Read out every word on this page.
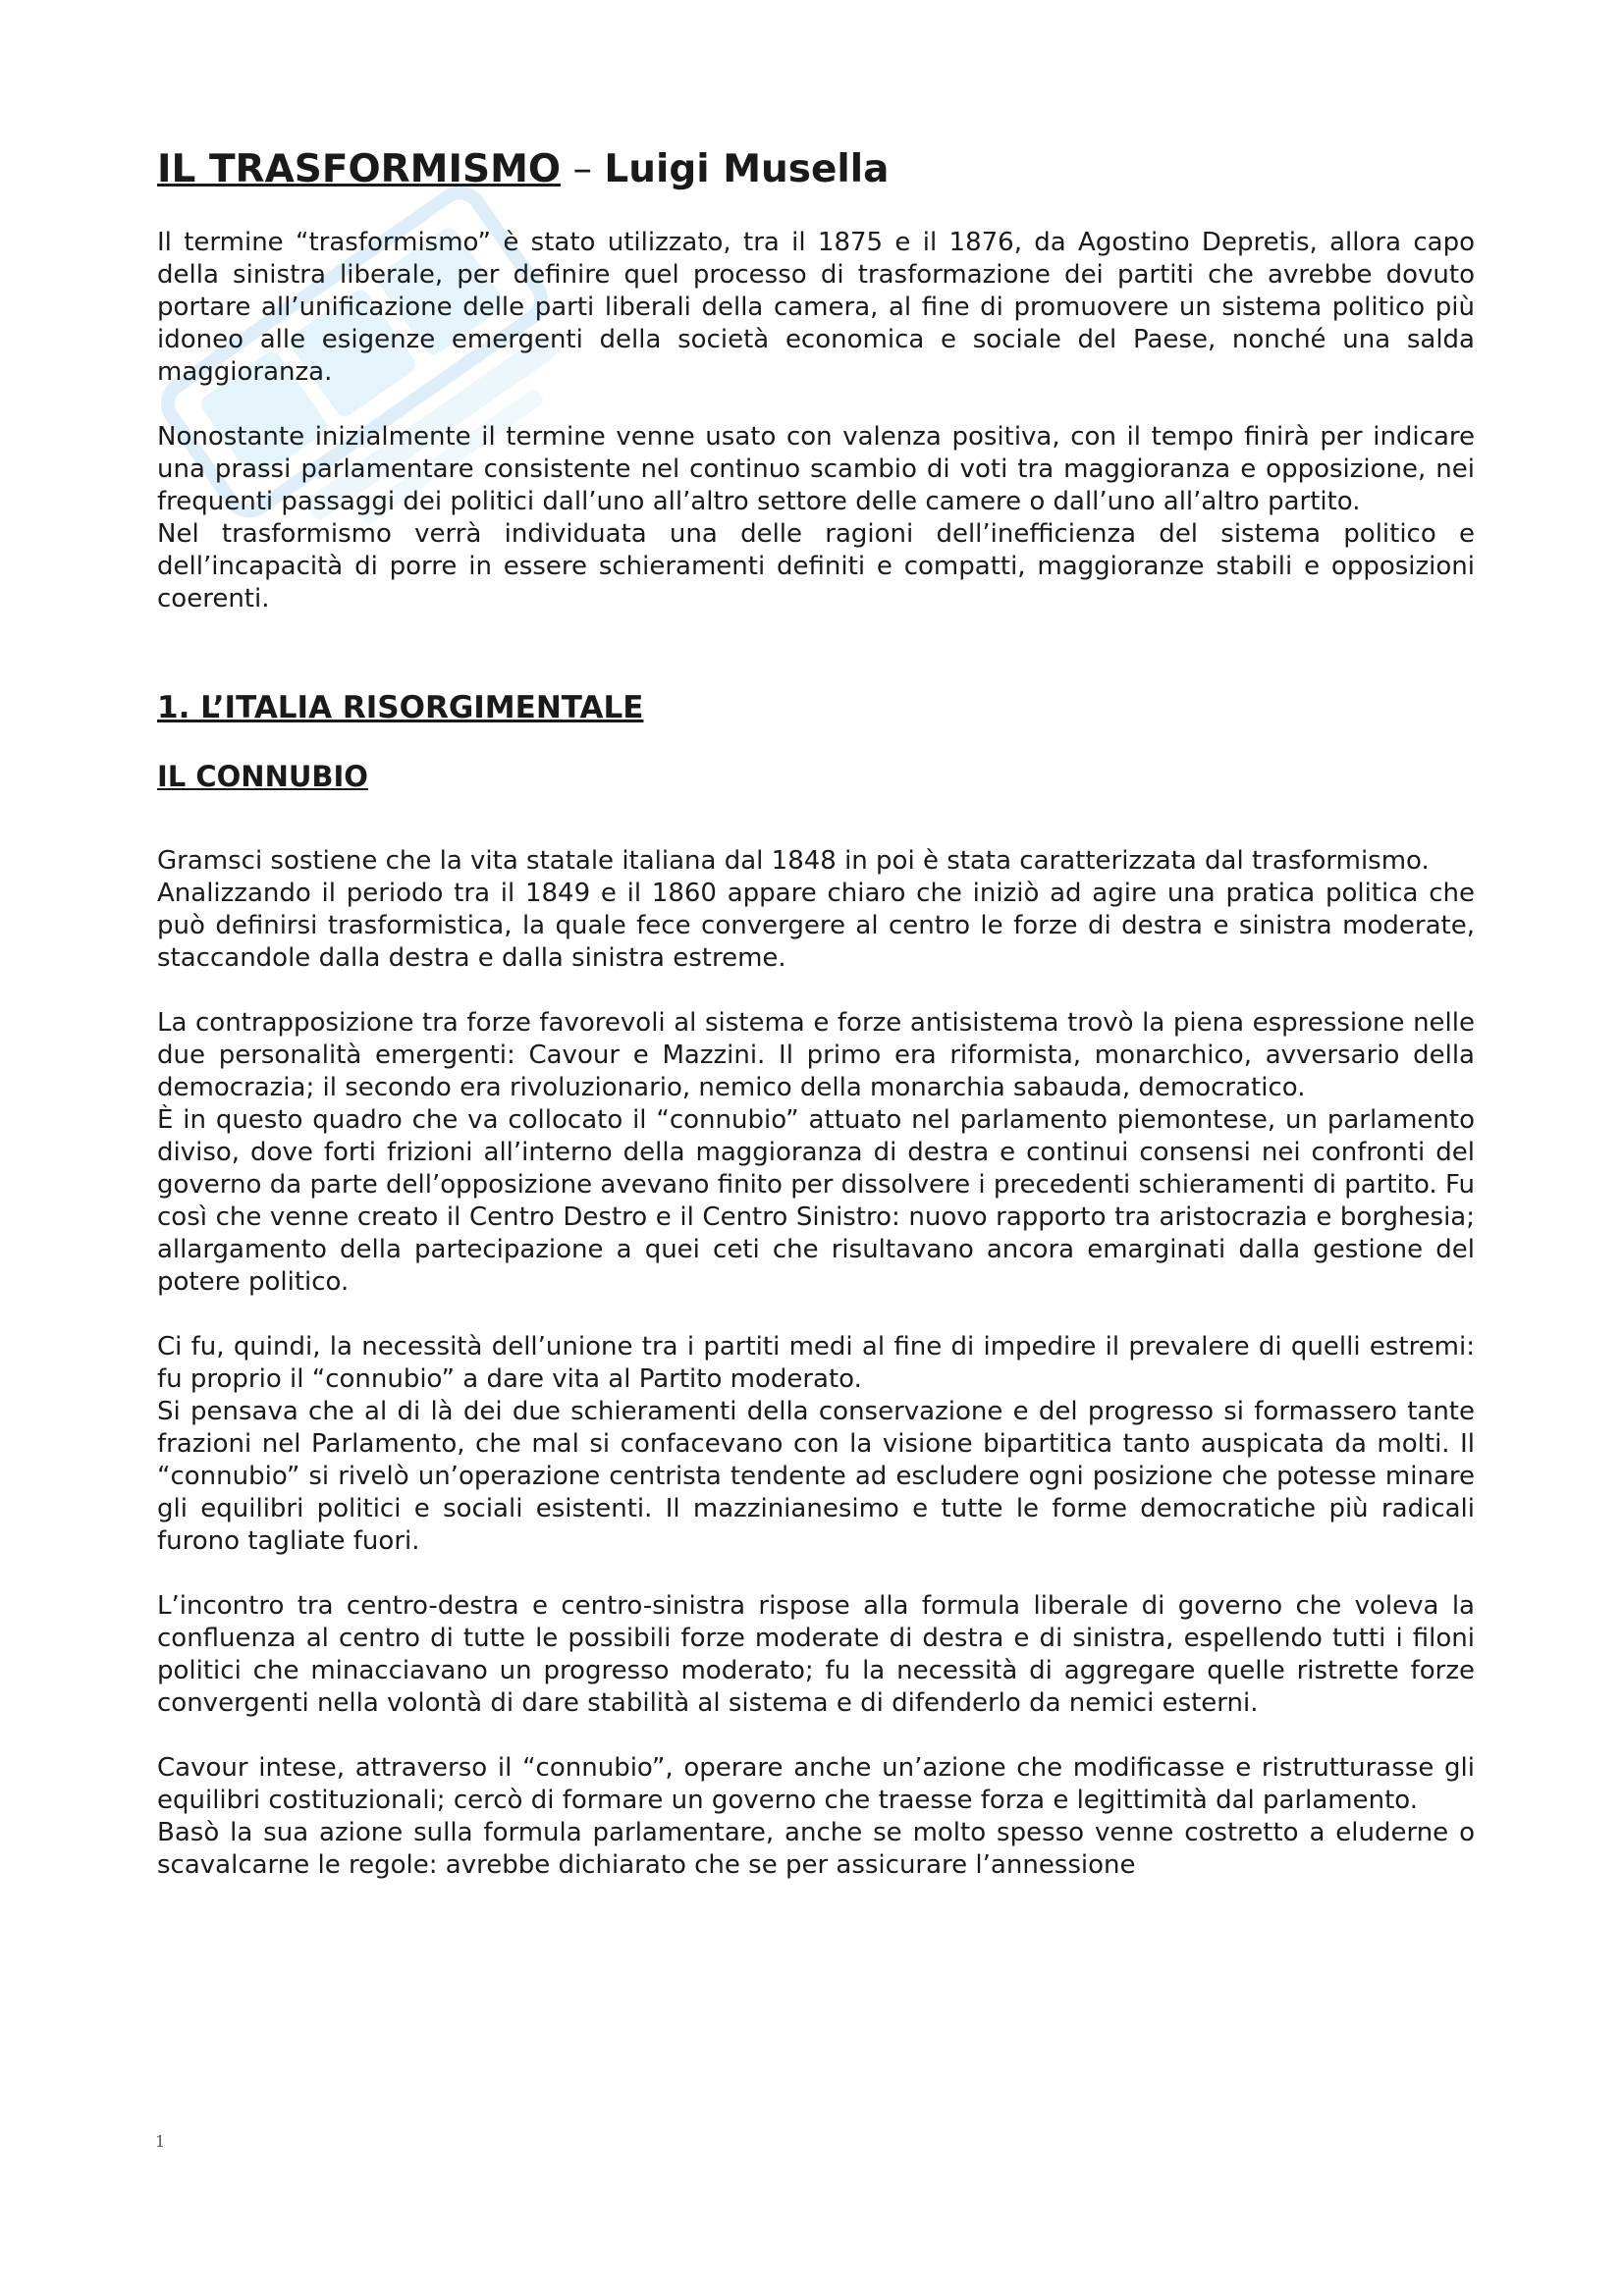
IL TRASFORMISMO – Luigi Musella

Il termine “trasformismo” è stato utilizzato, tra il 1875 e il 1876, da Agostino Depretis, allora capo della sinistra liberale, per definire quel processo di trasformazione dei partiti che avrebbe dovuto portare all’unificazione delle parti liberali della camera, al fine di promuovere un sistema politico più idoneo alle esigenze emergenti della società economica e sociale del Paese, nonché una salda maggioranza.

Nonostante inizialmente il termine venne usato con valenza positiva, con il tempo finirà per indicare una prassi parlamentare consistente nel continuo scambio di voti tra maggioranza e opposizione, nei frequenti passaggi dei politici dall’uno all’altro settore delle camere o dall’uno all’altro partito.

Nel trasformismo verrà individuata una delle ragioni dell’inefficienza del sistema politico e dell’incapacità di porre in essere schieramenti definiti e compatti, maggioranze stabili e opposizioni coerenti.

1. L’ITALIA RISORGIMENTALE
IL CONNUBIO

Gramsci sostiene che la vita statale italiana dal 1848 in poi è stata caratterizzata dal trasformismo.

Analizzando il periodo tra il 1849 e il 1860 appare chiaro che iniziò ad agire una pratica politica che può definirsi trasformistica, la quale fece convergere al centro le forze di destra e sinistra moderate, staccandole dalla destra e dalla sinistra estreme.

La contrapposizione tra forze favorevoli al sistema e forze antisistema trovò la piena espressione nelle due personalità emergenti: Cavour e Mazzini. Il primo era riformista, monarchico, avversario della democrazia; il secondo era rivoluzionario, nemico della monarchia sabauda, democratico.

È in questo quadro che va collocato il “connubio” attuato nel parlamento piemontese, un parlamento diviso, dove forti frizioni all’interno della maggioranza di destra e continui consensi nei confronti del governo da parte dell’opposizione avevano finito per dissolvere i precedenti schieramenti di partito. Fu così che venne creato il Centro Destro e il Centro Sinistro: nuovo rapporto tra aristocrazia e borghesia; allargamento della partecipazione a quei ceti che risultavano ancora emarginati dalla gestione del potere politico.

Ci fu, quindi, la necessità dell’unione tra i partiti medi al fine di impedire il prevalere di quelli estremi: fu proprio il “connubio” a dare vita al Partito moderato.

Si pensava che al di là dei due schieramenti della conservazione e del progresso si formassero tante frazioni nel Parlamento, che mal si confacevano con la visione bipartitica tanto auspicata da molti. Il “connubio” si rivelò un’operazione centrista tendente ad escludere ogni posizione che potesse minare gli equilibri politici e sociali esistenti. Il mazzinianesimo e tutte le forme democratiche più radicali furono tagliate fuori.

L’incontro tra centro-destra e centro-sinistra rispose alla formula liberale di governo che voleva la confluenza al centro di tutte le possibili forze moderate di destra e di sinistra, espellendo tutti i filoni politici che minacciavano un progresso moderato; fu la necessità di aggregare quelle ristrette forze convergenti nella volontà di dare stabilità al sistema e di difenderlo da nemici esterni.

Cavour intese, attraverso il “connubio”, operare anche un’azione che modificasse e ristrutturasse gli equilibri costituzionali; cercò di formare un governo che traesse forza e legittimità dal parlamento.

Basò la sua azione sulla formula parlamentare, anche se molto spesso venne costretto a eluderne o scavalcarne le regole: avrebbe dichiarato che se per assicurare l’annessione

1
